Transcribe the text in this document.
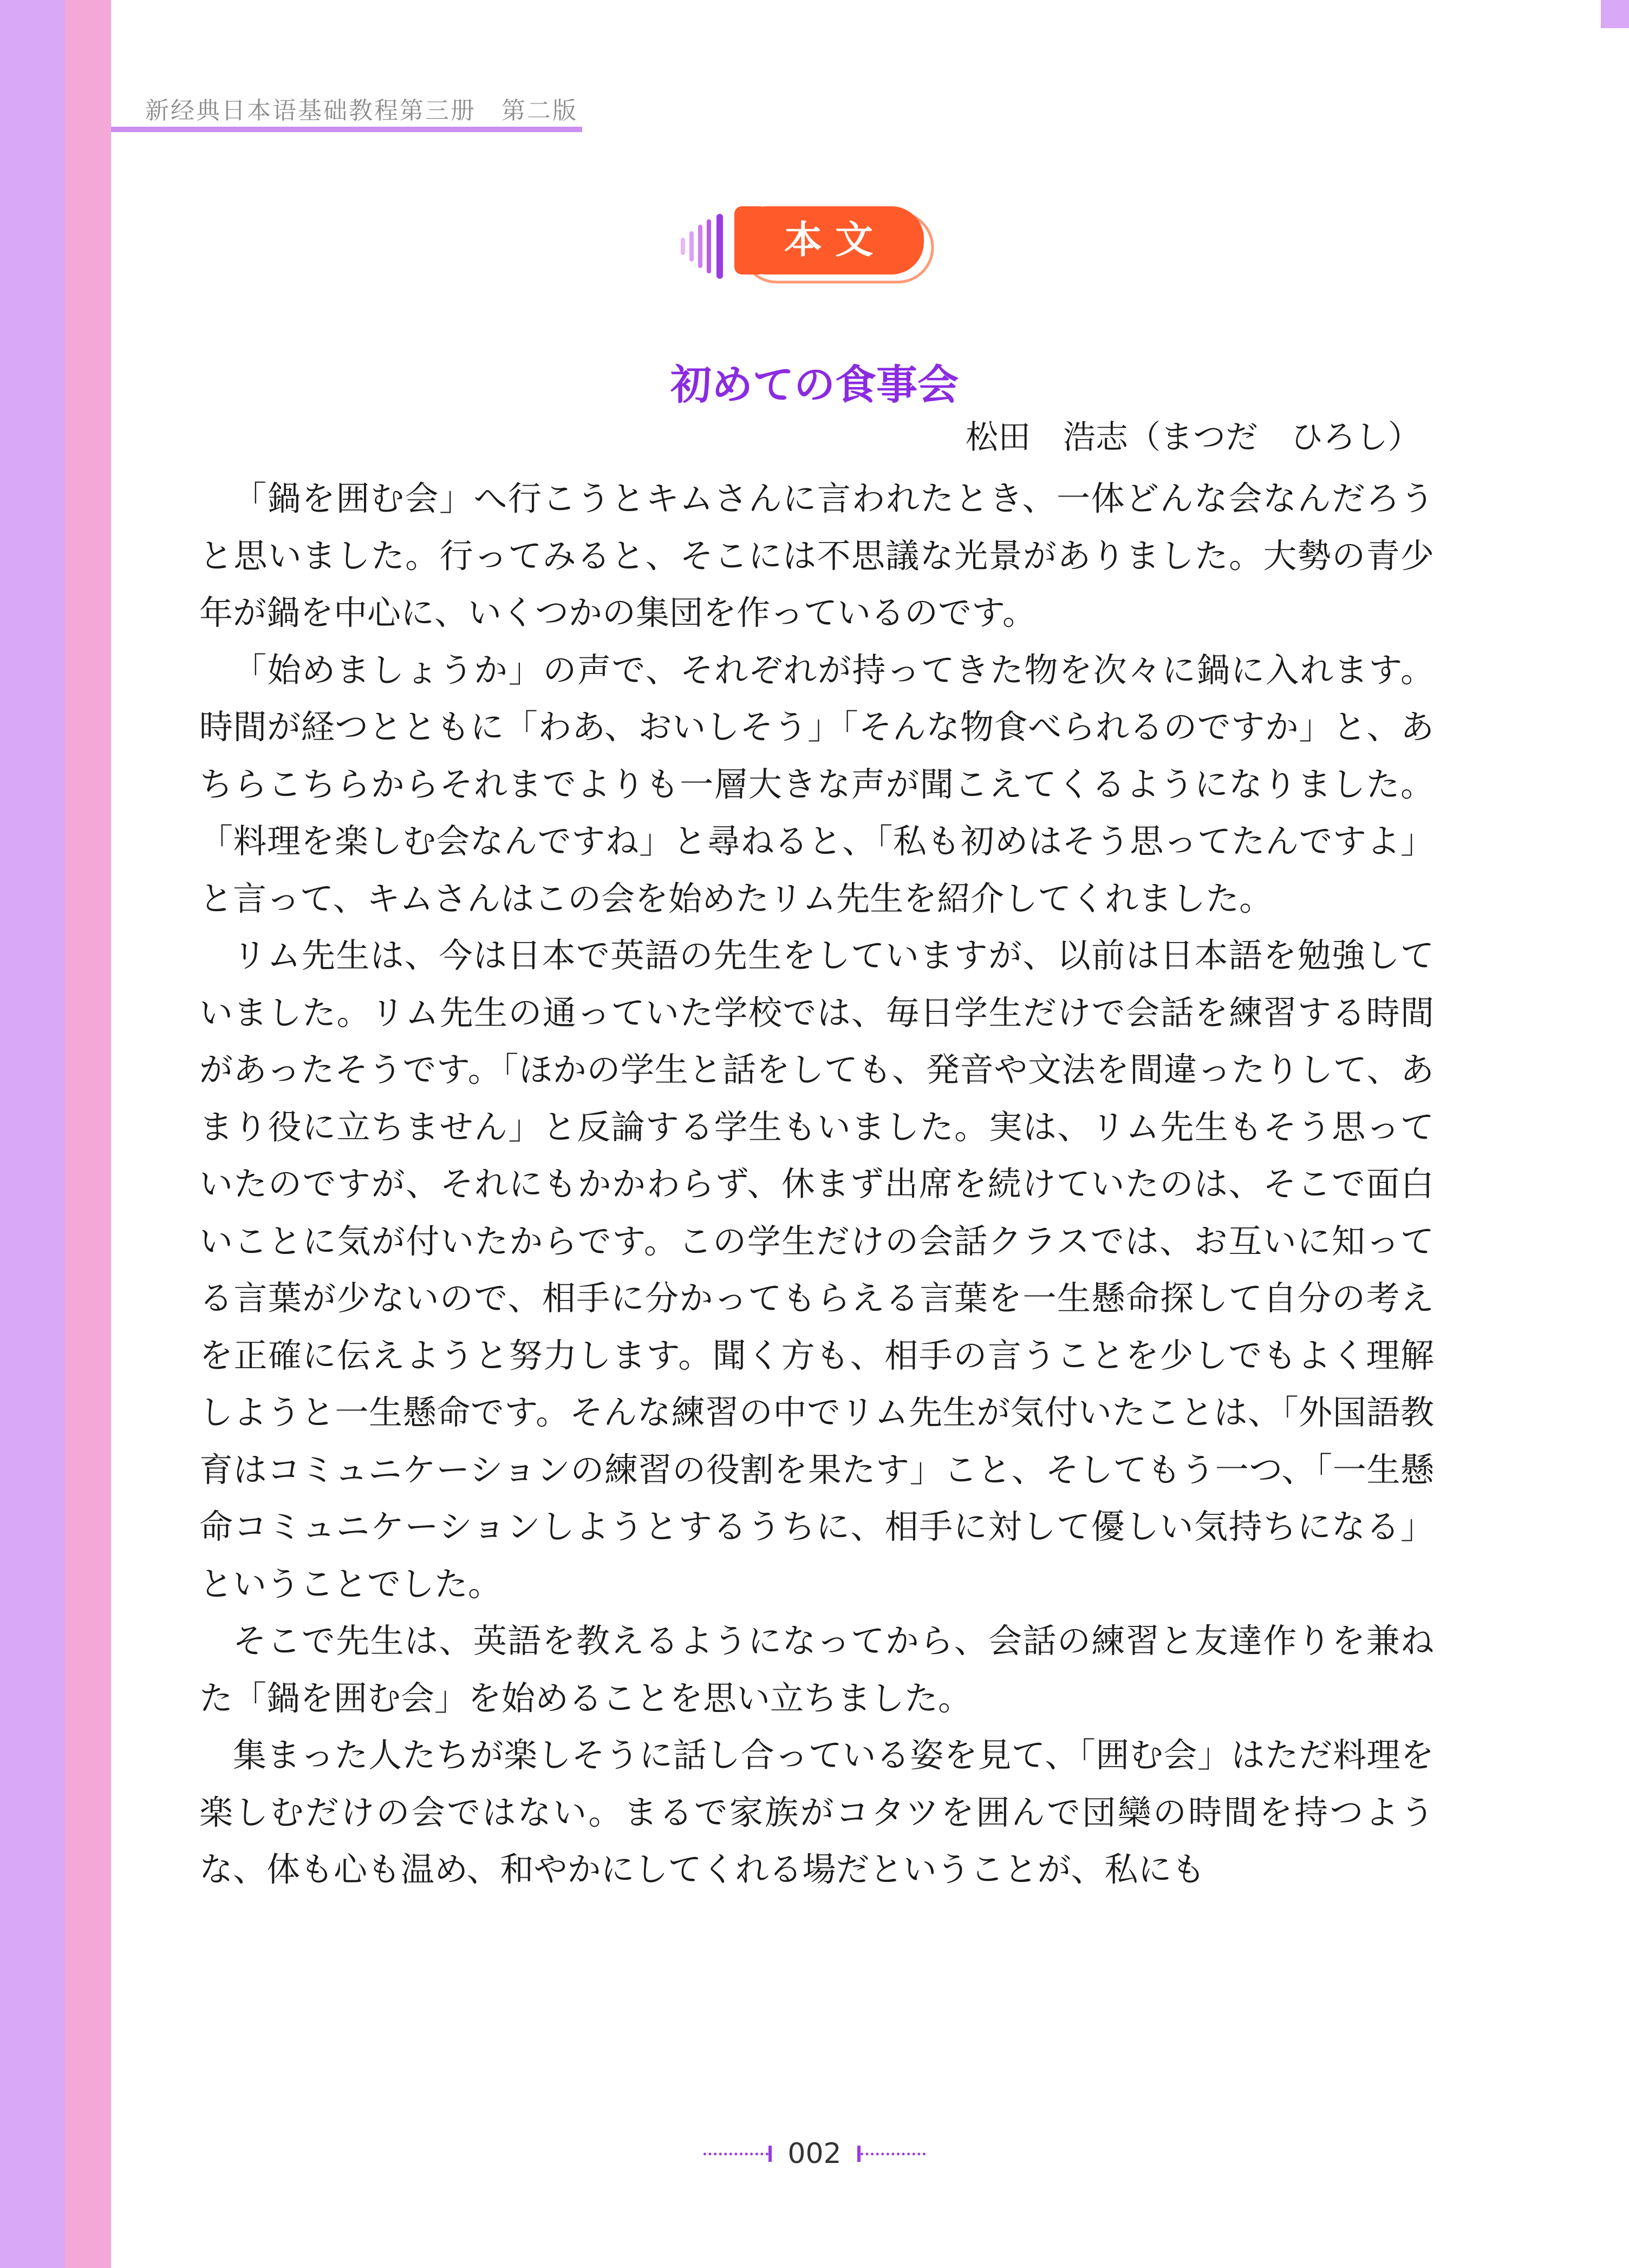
新经典日本语基础教程第三册　第二版
本 文
初めての食事会
松田　浩志（まつだ　ひろし）

「鍋を囲む会」へ行こうとキムさんに言われたとき、一体どんな会なんだろうと思いました。行ってみると、そこには不思議な光景がありました。大勢の青少年が鍋を中心に、いくつかの集団を作っているのです。

「始めましょうか」の声で、それぞれが持ってきた物を次々に鍋に入れます。時間が経つとともに「わあ、おいしそう」「そんな物食べられるのですか」と、あちらこちらからそれまでよりも一層大きな声が聞こえてくるようになりました。「料理を楽しむ会なんですね」と尋ねると、「私も初めはそう思ってたんですよ」と言って、キムさんはこの会を始めたリム先生を紹介してくれました。

リム先生は、今は日本で英語の先生をしていますが、以前は日本語を勉強していました。リム先生の通っていた学校では、毎日学生だけで会話を練習する時間があったそうです。「ほかの学生と話をしても、発音や文法を間違ったりして、あまり役に立ちません」と反論する学生もいました。実は、リム先生もそう思っていたのですが、それにもかかわらず、休まず出席を続けていたのは、そこで面白いことに気が付いたからです。この学生だけの会話クラスでは、お互いに知ってる言葉が少ないので、相手に分かってもらえる言葉を一生懸命探して自分の考えを正確に伝えようと努力します。聞く方も、相手の言うことを少しでもよく理解しようと一生懸命です。そんな練習の中でリム先生が気付いたことは、「外国語教育はコミュニケーションの練習の役割を果たす」こと、そしてもう一つ、「一生懸命コミュニケーションしようとするうちに、相手に対して優しい気持ちになる」ということでした。

そこで先生は、英語を教えるようになってから、会話の練習と友達作りを兼ねた「鍋を囲む会」を始めることを思い立ちました。

集まった人たちが楽しそうに話し合っている姿を見て、「囲む会」はただ料理を楽しむだけの会ではない。まるで家族がコタツを囲んで団欒の時間を持つような、体も心も温め、和やかにしてくれる場だということが、私にも

002
